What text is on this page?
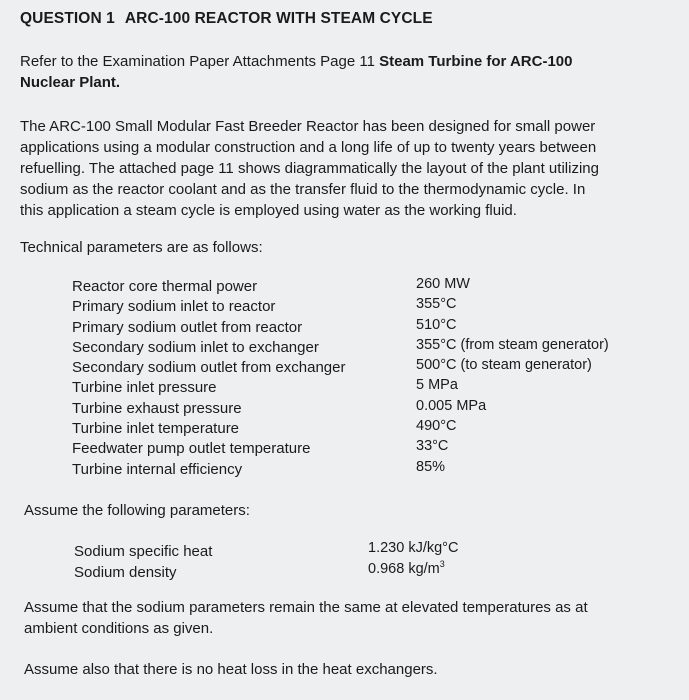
QUESTION 1 ARC-100 REACTOR WITH STEAM CYCLE
Refer to the Examination Paper Attachments Page 11 Steam Turbine for ARC-100
Nuclear Plant.
The ARC-100 Small Modular Fast Breeder Reactor has been designed for small power
applications using a modular construction and a long life of up to twenty years between
refuelling. The attached page 11 shows diagrammatically the layout of the plant utilizing
sodium as the reactor coolant and as the transfer fluid to the thermodynamic cycle. In
this application a steam cycle is employed using water as the working fluid.
Technical parameters are as follows:
Reactor core thermal power
Primary sodium inlet to reactor
Primary sodium outlet from reactor
Secondary sodium inlet to exchanger
Secondary sodium outlet from exchanger
Turbine inlet pressure
Turbine exhaust pressure
Turbine inlet temperature
Feedwater pump outlet temperature
Turbine internal efficiency
260 MW
355°C
510°C
355°C (from steam generator)
500°C (to steam generator)
5 MPa
0.005 MPa
490°C
33°C
85%
Assume the following parameters:
Sodium specific heat
Sodium density
1.230 kJ/kg°C
0.968 $kg/m^3$
Assume that the sodium parameters remain the same at elevated temperatures as at
ambient conditions as given.
Assume also that there is no heat loss in the heat exchangers.
